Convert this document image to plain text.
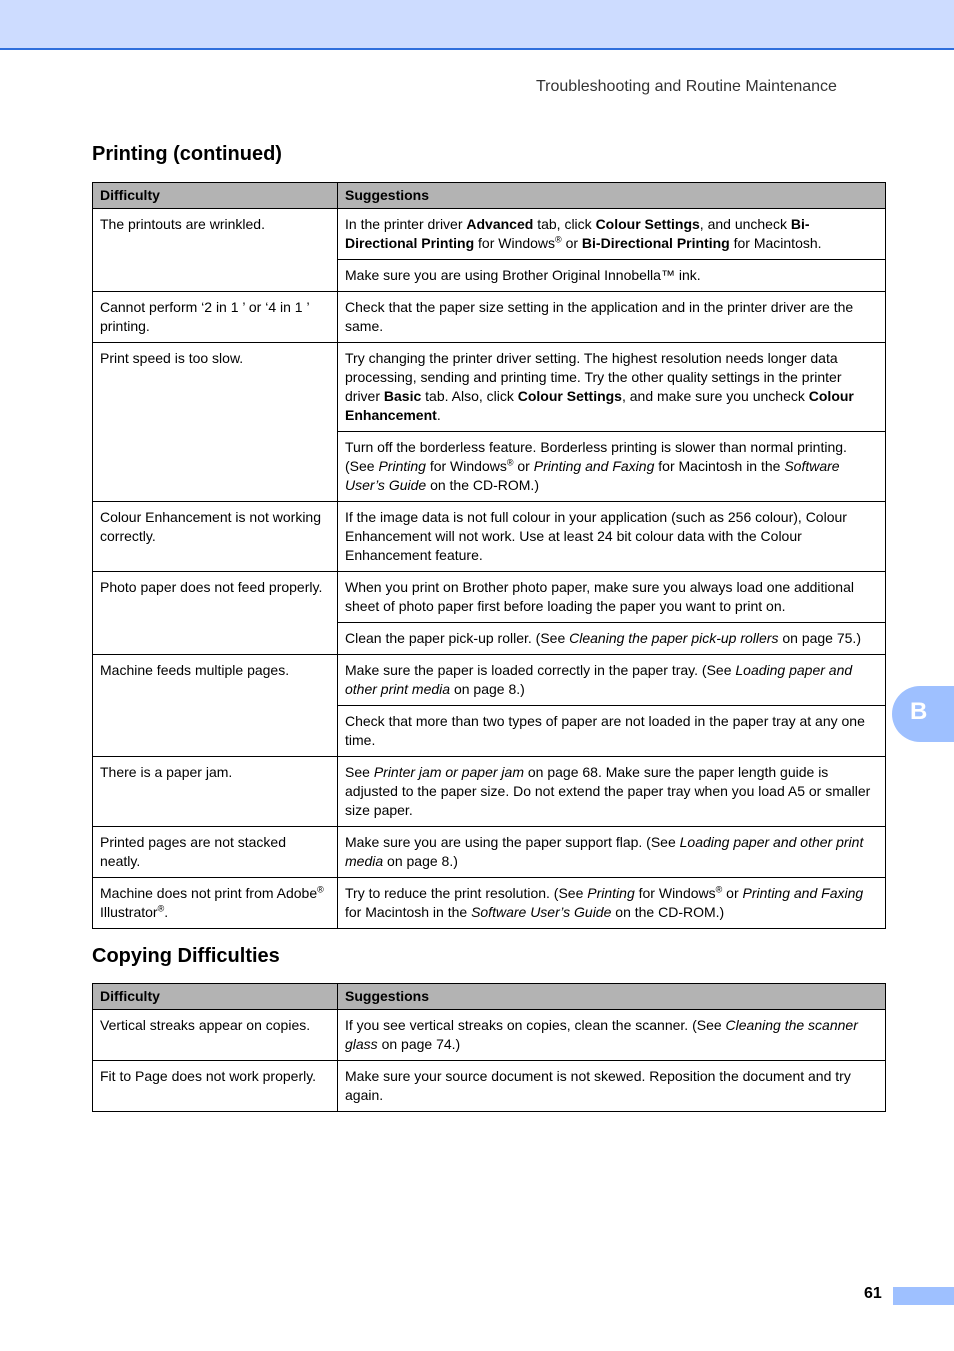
Troubleshooting and Routine Maintenance
Printing (continued)
Difficulty	Suggestions
The printouts are wrinkled.	In the printer driver Advanced tab, click Colour Settings, and uncheck Bi-Directional Printing for Windows® or Bi-Directional Printing for Macintosh.
	Make sure you are using Brother Original Innobella™ ink.
Cannot perform ‘2 in 1 ’ or ‘4 in 1 ’ printing.	Check that the paper size setting in the application and in the printer driver are the same.
Print speed is too slow.	Try changing the printer driver setting. The highest resolution needs longer data processing, sending and printing time. Try the other quality settings in the printer driver Basic tab. Also, click Colour Settings, and make sure you uncheck Colour Enhancement.
	Turn off the borderless feature. Borderless printing is slower than normal printing. (See Printing for Windows® or Printing and Faxing for Macintosh in the Software User’s Guide on the CD-ROM.)
Colour Enhancement is not working correctly.	If the image data is not full colour in your application (such as 256 colour), Colour Enhancement will not work. Use at least 24 bit colour data with the Colour Enhancement feature.
Photo paper does not feed properly.	When you print on Brother photo paper, make sure you always load one additional sheet of photo paper first before loading the paper you want to print on.
	Clean the paper pick-up roller. (See Cleaning the paper pick-up rollers on page 75.)
Machine feeds multiple pages.	Make sure the paper is loaded correctly in the paper tray. (See Loading paper and other print media on page 8.)
	Check that more than two types of paper are not loaded in the paper tray at any one time.
There is a paper jam.	See Printer jam or paper jam on page 68. Make sure the paper length guide is adjusted to the paper size. Do not extend the paper tray when you load A5 or smaller size paper.
Printed pages are not stacked neatly.	Make sure you are using the paper support flap. (See Loading paper and other print media on page 8.)
Machine does not print from Adobe® Illustrator®.	Try to reduce the print resolution. (See Printing for Windows® or Printing and Faxing for Macintosh in the Software User’s Guide on the CD-ROM.)
Copying Difficulties
Difficulty	Suggestions
Vertical streaks appear on copies.	If you see vertical streaks on copies, clean the scanner. (See Cleaning the scanner glass on page 74.)
Fit to Page does not work properly.	Make sure your source document is not skewed. Reposition the document and try again.
B
61
